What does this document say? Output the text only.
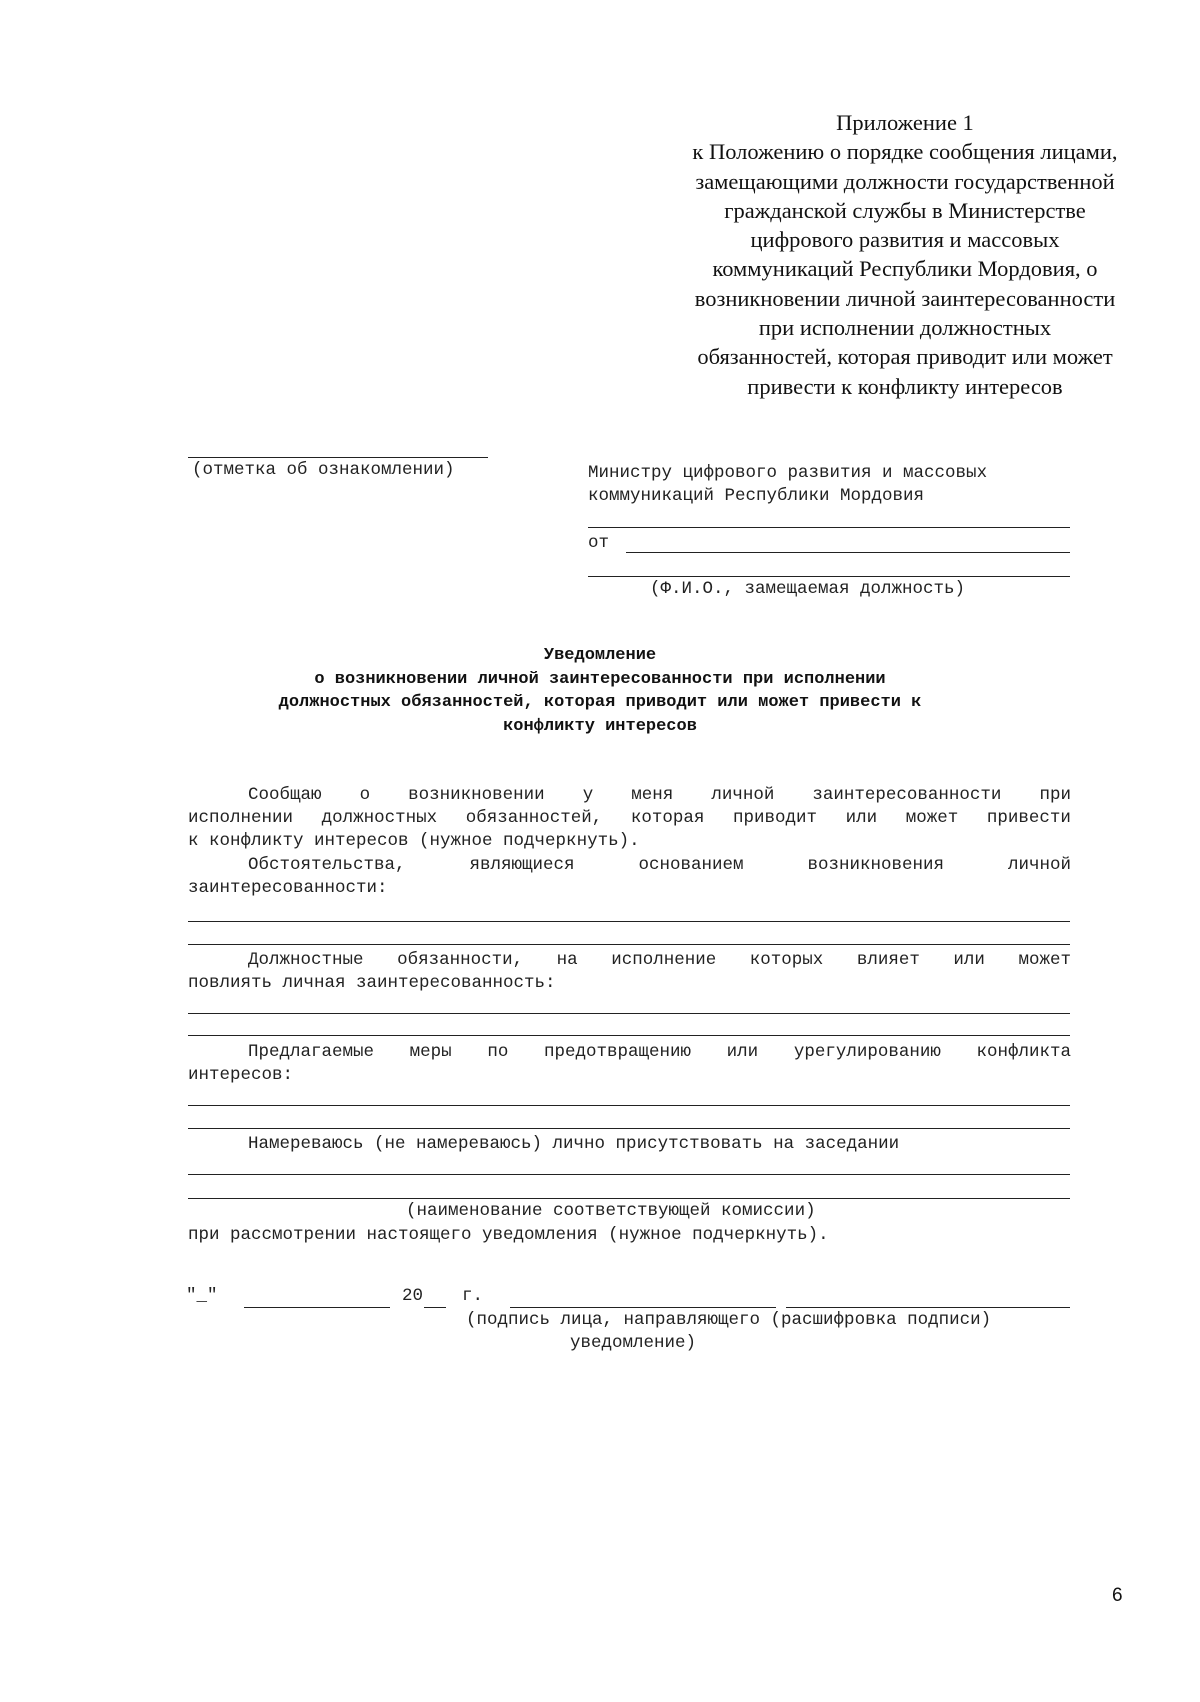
Приложение 1
к Положению о порядке сообщения лицами,
замещающими должности государственной
гражданской службы в Министерстве
цифрового развития и массовых
коммуникаций Республики Мордовия, о
возникновении личной заинтересованности
при исполнении должностных
обязанностей, которая приводит или может
привести к конфликту интересов
(отметка об ознакомлении)	Министру цифрового развития и массовых
коммуникаций Республики Мордовия
от
(Ф.И.О., замещаемая должность)
Уведомление
о возникновении личной заинтересованности при исполнении
должностных обязанностей, которая приводит или может привести к
конфликту интересов
Сообщаю о возникновении у меня личной заинтересованности при
исполнении должностных обязанностей, которая приводит или может привести
к конфликту интересов (нужное подчеркнуть).
Обстоятельства,	являющиеся	основанием	возникновения	личной
заинтересованности:
Должностные обязанности, на исполнение которых влияет или может
повлиять личная заинтересованность:
Предлагаемые меры по предотвращению или урегулированию конфликта
интересов:
Намереваюсь (не намереваюсь) лично присутствовать на заседании
(наименование соответствующей комиссии)
при рассмотрении настоящего уведомления (нужное подчеркнуть).
"_"	20 г.
(подпись лица, направляющего (расшифровка подписи)
уведомление)
6
